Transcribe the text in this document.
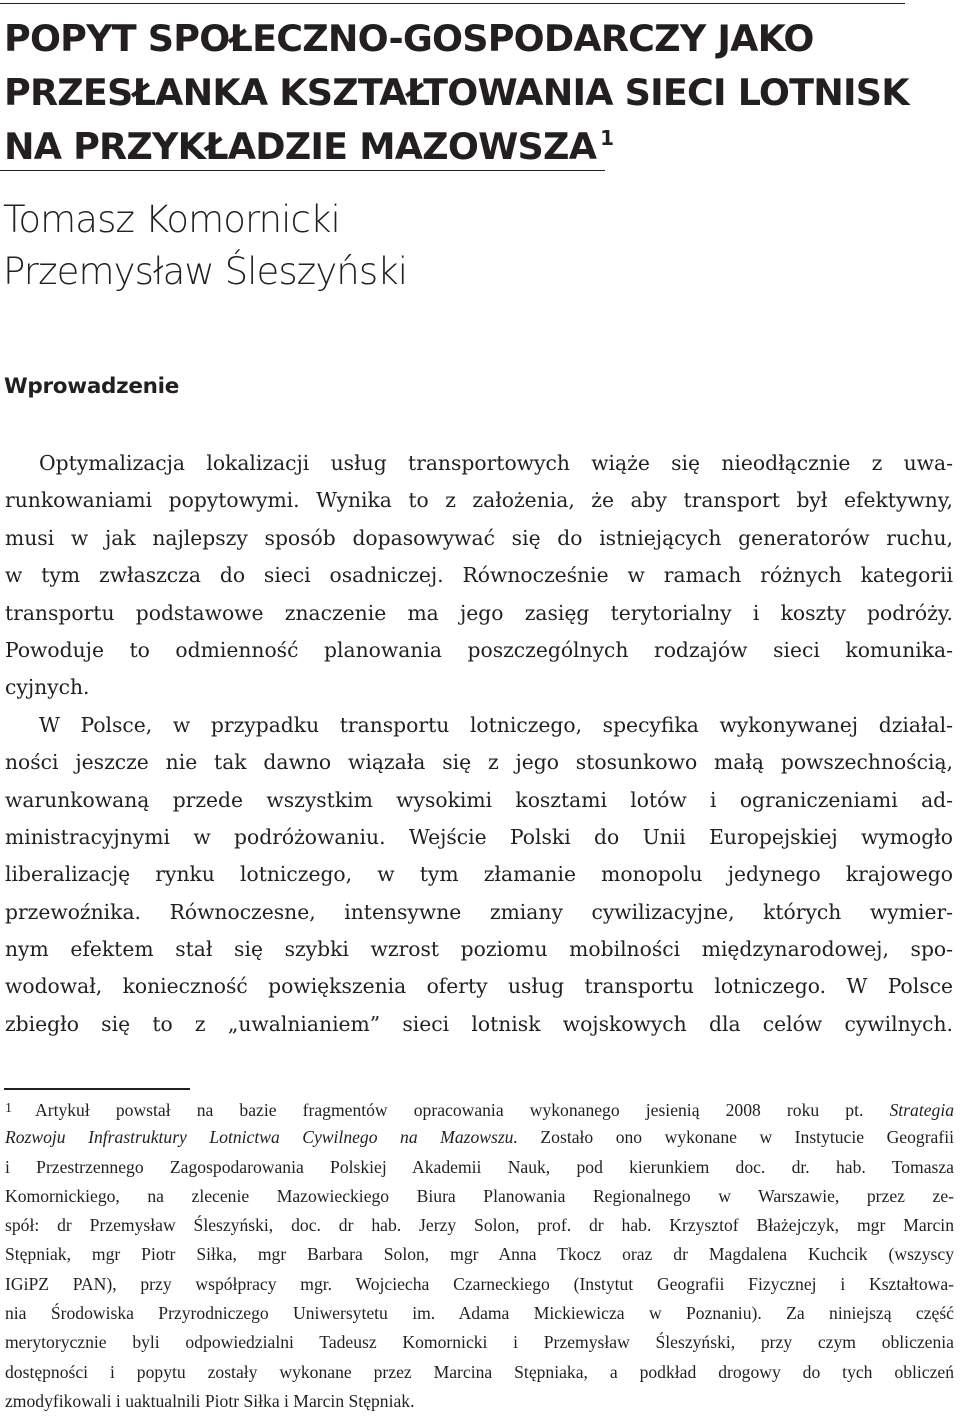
POPYT SPOŁECZNO-GOSPODARCZY JAKO
PRZESŁANKA KSZTAŁTOWANIA SIECI LOTNISK
NA PRZYKŁADZIE MAZOWSZA $^1$
Tomasz Komornicki
Przemysław Śleszyński
Wprowadzenie
Optymalizacja lokalizacji usług transportowych wiąże się nieodłącznie z uwa-
runkowaniami popytowymi. Wynika to z założenia, że aby transport był efektywny,
musi w jak najlepszy sposób dopasowywać się do istniejących generatorów ruchu,
w tym zwłaszcza do sieci osadniczej. Równocześnie w ramach różnych kategorii
transportu podstawowe znaczenie ma jego zasięg terytorialny i koszty podróży.
Powoduje to odmienność planowania poszczególnych rodzajów sieci komunika-
cyjnych.
W Polsce, w przypadku transportu lotniczego, specyfika wykonywanej działal-
ności jeszcze nie tak dawno wiązała się z jego stosunkowo małą powszechnością,
warunkowaną przede wszystkim wysokimi kosztami lotów i ograniczeniami ad-
ministracyjnymi w podróżowaniu. Wejście Polski do Unii Europejskiej wymogło
liberalizację rynku lotniczego, w tym złamanie monopolu jedynego krajowego
przewoźnika. Równoczesne, intensywne zmiany cywilizacyjne, których wymier-
nym efektem stał się szybki wzrost poziomu mobilności międzynarodowej, spo-
wodował, konieczność powiększenia oferty usług transportu lotniczego. W Polsce
zbiegło się to z „uwalnianiem” sieci lotnisk wojskowych dla celów cywilnych.
1 Artykuł powstał na bazie fragmentów opracowania wykonanego jesienią 2008 roku pt. Strategia
Rozwoju Infrastruktury Lotnictwa Cywilnego na Mazowszu. Zostało ono wykonane w Instytucie Geografii
i Przestrzennego Zagospodarowania Polskiej Akademii Nauk, pod kierunkiem doc. dr. hab. Tomasza
Komornickiego, na zlecenie Mazowieckiego Biura Planowania Regionalnego w Warszawie, przez ze-
spół: dr Przemysław Śleszyński, doc. dr hab. Jerzy Solon, prof. dr hab. Krzysztof Błażejczyk, mgr Marcin
Stępniak, mgr Piotr Siłka, mgr Barbara Solon, mgr Anna Tkocz oraz dr Magdalena Kuchcik (wszyscy
IGiPZ PAN), przy współpracy mgr. Wojciecha Czarneckiego (Instytut Geografii Fizycznej i Kształtowa-
nia Środowiska Przyrodniczego Uniwersytetu im. Adama Mickiewicza w Poznaniu). Za niniejszą część
merytorycznie byli odpowiedzialni Tadeusz Komornicki i Przemysław Śleszyński, przy czym obliczenia
dostępności i popytu zostały wykonane przez Marcina Stępniaka, a podkład drogowy do tych obliczeń
zmodyfikowali i uaktualnili Piotr Siłka i Marcin Stępniak.
